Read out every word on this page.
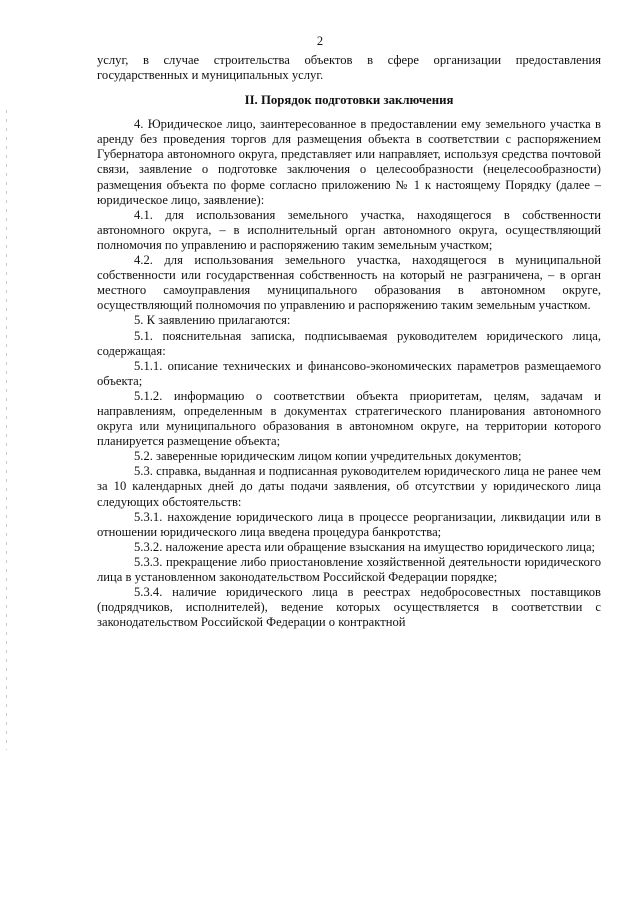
2

услуг, в случае строительства объектов в сфере организации предоставления государственных и муниципальных услуг.

II. Порядок подготовки заключения

4. Юридическое лицо, заинтересованное в предоставлении ему земельного участка в аренду без проведения торгов для размещения объекта в соответствии с распоряжением Губернатора автономного округа, представляет или направляет, используя средства почтовой связи, заявление о подготовке заключения о целесообразности (нецелесообразности) размещения объекта по форме согласно приложению № 1 к настоящему Порядку (далее – юридическое лицо, заявление):

4.1. для использования земельного участка, находящегося в собственности автономного округа, – в исполнительный орган автономного округа, осуществляющий полномочия по управлению и распоряжению таким земельным участком;

4.2. для использования земельного участка, находящегося в муниципальной собственности или государственная собственность на который не разграничена, – в орган местного самоуправления муниципального образования в автономном округе, осуществляющий полномочия по управлению и распоряжению таким земельным участком.

5. К заявлению прилагаются:

5.1. пояснительная записка, подписываемая руководителем юридического лица, содержащая:

5.1.1. описание технических и финансово-экономических параметров размещаемого объекта;

5.1.2. информацию о соответствии объекта приоритетам, целям, задачам и направлениям, определенным в документах стратегического планирования автономного округа или муниципального образования в автономном округе, на территории которого планируется размещение объекта;

5.2. заверенные юридическим лицом копии учредительных документов;

5.3. справка, выданная и подписанная руководителем юридического лица не ранее чем за 10 календарных дней до даты подачи заявления, об отсутствии у юридического лица следующих обстоятельств:

5.3.1. нахождение юридического лица в процессе реорганизации, ликвидации или в отношении юридического лица введена процедура банкротства;

5.3.2. наложение ареста или обращение взыскания на имущество юридического лица;

5.3.3. прекращение либо приостановление хозяйственной деятельности юридического лица в установленном законодательством Российской Федерации порядке;

5.3.4. наличие юридического лица в реестрах недобросовестных поставщиков (подрядчиков, исполнителей), ведение которых осуществляется в соответствии с законодательством Российской Федерации о контрактной
